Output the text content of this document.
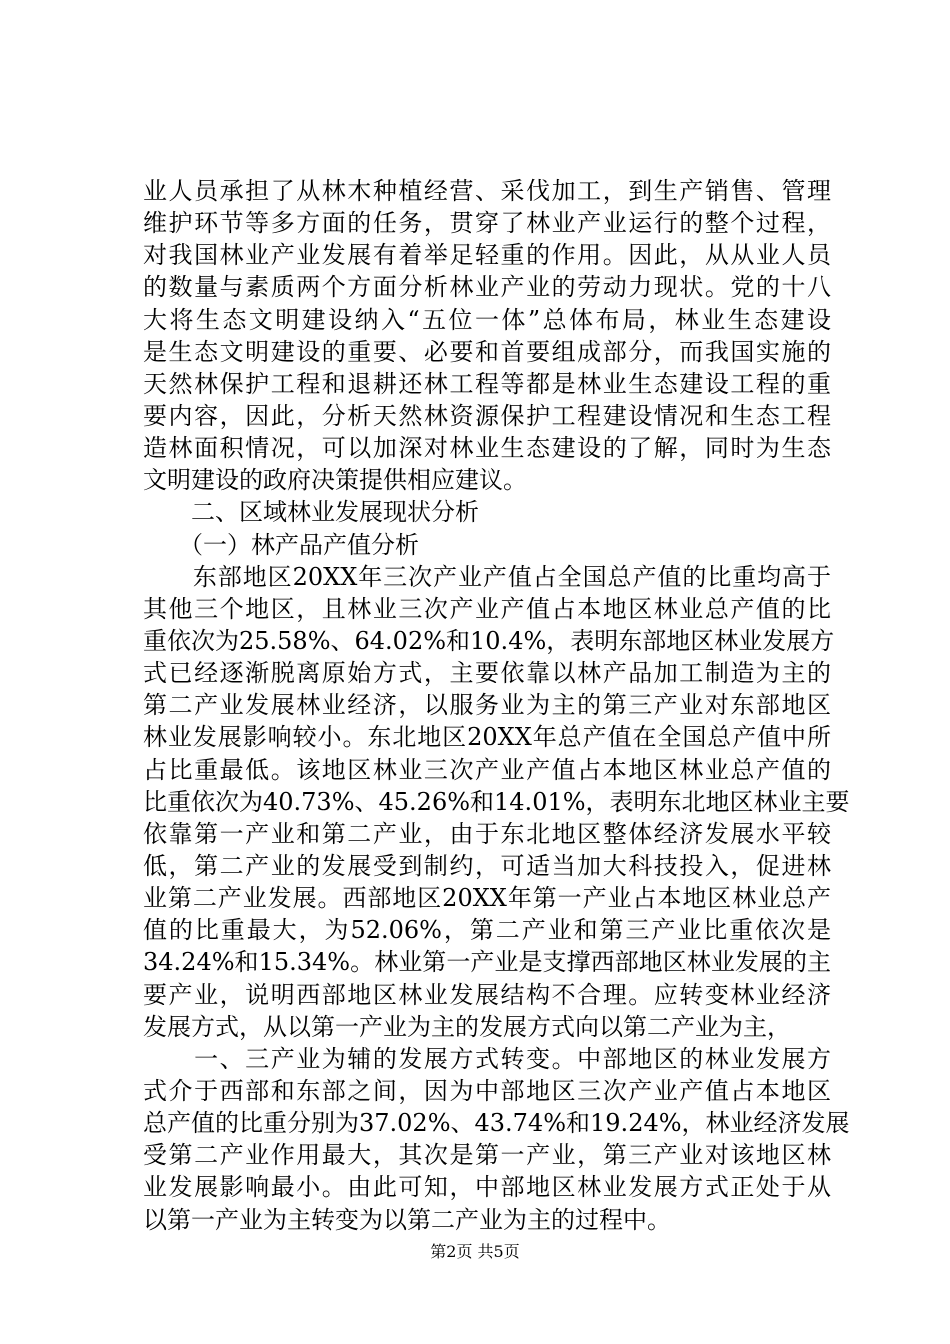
业人员承担了从林木种植经营、采伐加工，到生产销售、管理
维护环节等多方面的任务，贯穿了林业产业运行的整个过程，
对我国林业产业发展有着举足轻重的作用。因此，从从业人员
的数量与素质两个方面分析林业产业的劳动力现状。党的十八
大将生态文明建设纳入“五位一体”总体布局，林业生态建设
是生态文明建设的重要、必要和首要组成部分，而我国实施的
天然林保护工程和退耕还林工程等都是林业生态建设工程的重
要内容，因此，分析天然林资源保护工程建设情况和生态工程
造林面积情况，可以加深对林业生态建设的了解，同时为生态
文明建设的政府决策提供相应建议。
　　二、区域林业发展现状分析
　　（一）林产品产值分析
　　东部地区20XX年三次产业产值占全国总产值的比重均高于
其他三个地区，且林业三次产业产值占本地区林业总产值的比
重依次为25.58%、64.02%和10.4%，表明东部地区林业发展方
式已经逐渐脱离原始方式，主要依靠以林产品加工制造为主的
第二产业发展林业经济，以服务业为主的第三产业对东部地区
林业发展影响较小。东北地区20XX年总产值在全国总产值中所
占比重最低。该地区林业三次产业产值占本地区林业总产值的
比重依次为40.73%、45.26%和14.01%，表明东北地区林业主要
依靠第一产业和第二产业，由于东北地区整体经济发展水平较
低，第二产业的发展受到制约，可适当加大科技投入，促进林
业第二产业发展。西部地区20XX年第一产业占本地区林业总产
值的比重最大，为52.06%，第二产业和第三产业比重依次是
34.24%和15.34%。林业第一产业是支撑西部地区林业发展的主
要产业，说明西部地区林业发展结构不合理。应转变林业经济
发展方式，从以第一产业为主的发展方式向以第二产业为主，
　　一、三产业为辅的发展方式转变。中部地区的林业发展方
式介于西部和东部之间，因为中部地区三次产业产值占本地区
总产值的比重分别为37.02%、43.74%和19.24%，林业经济发展
受第二产业作用最大，其次是第一产业，第三产业对该地区林
业发展影响最小。由此可知，中部地区林业发展方式正处于从
以第一产业为主转变为以第二产业为主的过程中。
第2页 共5页
